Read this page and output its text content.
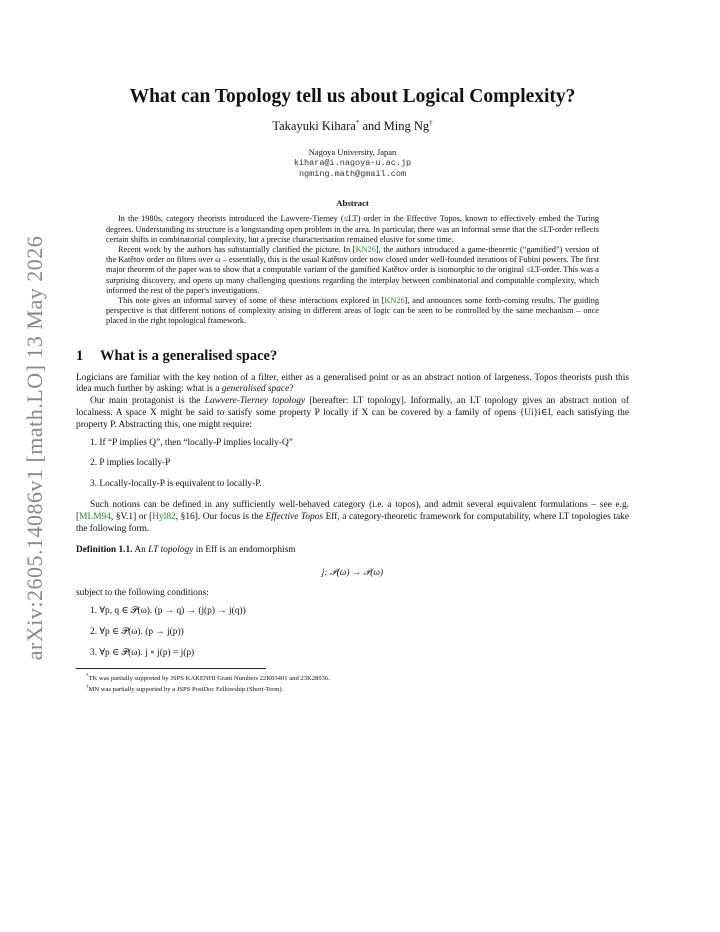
arXiv:2605.14086v1 [math.LO] 13 May 2026
What can Topology tell us about Logical Complexity?
Takayuki Kihara* and Ming Ng†
Nagoya University, Japan
kihara@i.nagoya-u.ac.jp
ngming.math@gmail.com
Abstract

In the 1980s, category theorists introduced the Lawvere-Tierney (≤LT) order in the Effective Topos, known to effectively embed the Turing degrees. Understanding its structure is a longstanding open problem in the area. In particular, there was an informal sense that the ≤LT-order reflects certain shifts in combinatorial complexity, but a precise characterisation remained elusive for some time.

Recent work by the authors has substantially clarified the picture. In [KN26], the authors introduced a game-theoretic (“gamified”) version of the Katětov order on filters over ω – essentially, this is the usual Katětov order now closed under well-founded iterations of Fubini powers. The first major theorem of the paper was to show that a computable variant of the gamified Katětov order is isomorphic to the original ≤LT-order. This was a surprising discovery, and opens up many challenging questions regarding the interplay between combinatorial and computable complexity, which informed the rest of the paper's investigations.

This note gives an informal survey of some of these interactions explored in [KN26], and announces some forth-coming results. The guiding perspective is that different notions of complexity arising in different areas of logic can be seen to be controlled by the same mechanism – once placed in the right topological framework.

1 What is a generalised space?

Logicians are familiar with the key notion of a filter, either as a generalised point or as an abstract notion of largeness. Topos theorists push this idea much further by asking: what is a generalised space?

Our main protagonist is the Lawvere-Tierney topology [hereafter: LT topology]. Informally, an LT topology gives an abstract notion of localness. A space X might be said to satisfy some property P locally if X can be covered by a family of opens {Ui}i∈I, each satisfying the property P. Abstracting this, one might require:

1. If “P implies Q”, then “locally-P implies locally-Q”
2. P implies locally-P
3. Locally-locally-P is equivalent to locally-P.

Such notions can be defined in any sufficiently well-behaved category (i.e. a topos), and admit several equivalent formulations – see e.g. [MLM94, §V.1] or [Hyl82, §16]. Our focus is the Effective Topos Eff, a category-theoretic framework for computability, where LT topologies take the following form.

Definition 1.1. An LT topology in Eff is an endomorphism

j: 𝒫(ω) → 𝒫(ω)

subject to the following conditions:

1. ∀p, q ∈ 𝒫(ω). (p → q) → (j(p) → j(q))
2. ∀p ∈ 𝒫(ω). (p → j(p))
3. ∀p ∈ 𝒫(ω). j ∘ j(p) = j(p)
*TK was partially supported by JSPS KAKENHI Grant Numbers 22K03401 and 23K28036.
†MN was partially supported by a JSPS PostDoc Fellowship (Short-Term).
